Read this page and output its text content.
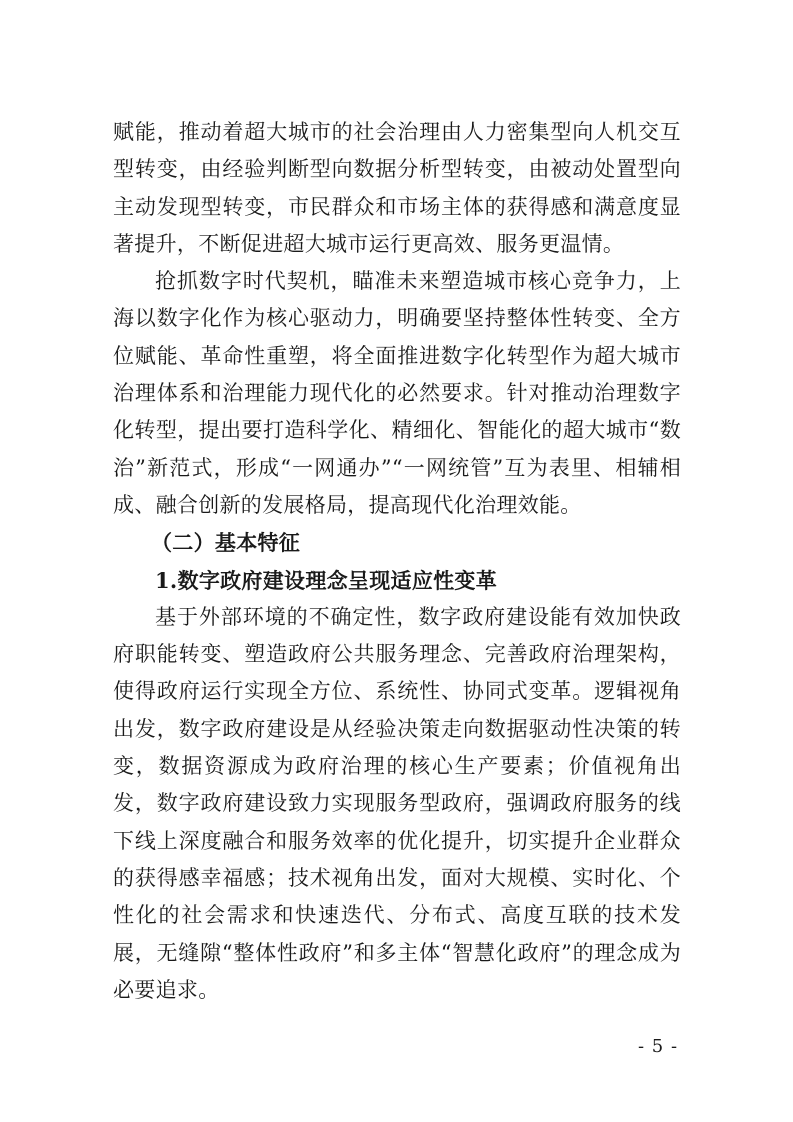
赋能，推动着超大城市的社会治理由人力密集型向人机交互型转变，由经验判断型向数据分析型转变，由被动处置型向主动发现型转变，市民群众和市场主体的获得感和满意度显著提升，不断促进超大城市运行更高效、服务更温情。

抢抓数字时代契机，瞄准未来塑造城市核心竞争力，上海以数字化作为核心驱动力，明确要坚持整体性转变、全方位赋能、革命性重塑，将全面推进数字化转型作为超大城市治理体系和治理能力现代化的必然要求。针对推动治理数字化转型，提出要打造科学化、精细化、智能化的超大城市“数治”新范式，形成“一网通办”“一网统管”互为表里、相辅相成、融合创新的发展格局，提高现代化治理效能。

（二）基本特征
1.数字政府建设理念呈现适应性变革

基于外部环境的不确定性，数字政府建设能有效加快政府职能转变、塑造政府公共服务理念、完善政府治理架构，使得政府运行实现全方位、系统性、协同式变革。逻辑视角出发，数字政府建设是从经验决策走向数据驱动性决策的转变，数据资源成为政府治理的核心生产要素；价值视角出发，数字政府建设致力实现服务型政府，强调政府服务的线下线上深度融合和服务效率的优化提升，切实提升企业群众的获得感幸福感；技术视角出发，面对大规模、实时化、个性化的社会需求和快速迭代、分布式、高度互联的技术发展，无缝隙“整体性政府”和多主体“智慧化政府”的理念成为必要追求。

- 5 -
